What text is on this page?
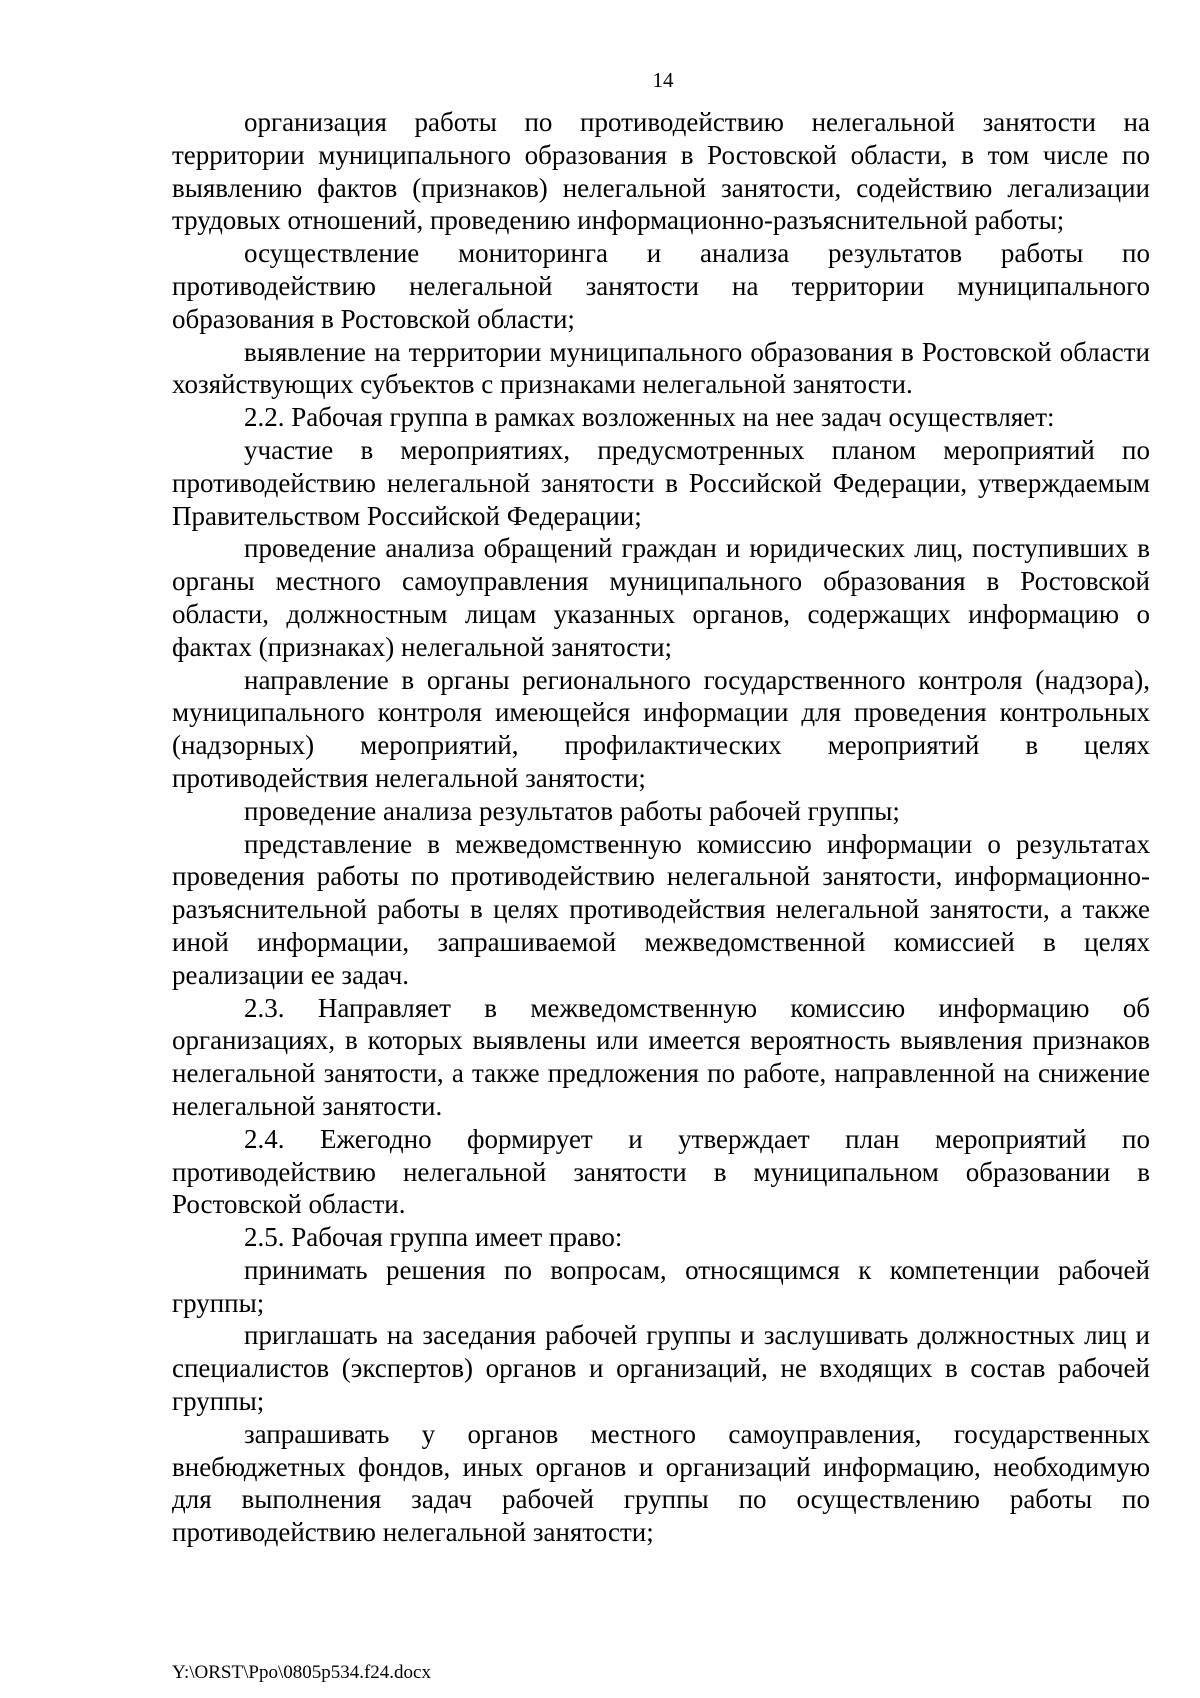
14

организация работы по противодействию нелегальной занятости на территории муниципального образования в Ростовской области, в том числе по выявлению фактов (признаков) нелегальной занятости, содействию легализации трудовых отношений, проведению информационно-разъяснительной работы;

осуществление мониторинга и анализа результатов работы по противодействию нелегальной занятости на территории муниципального образования в Ростовской области;

выявление на территории муниципального образования в Ростовской области хозяйствующих субъектов с признаками нелегальной занятости.

2.2. Рабочая группа в рамках возложенных на нее задач осуществляет:

участие в мероприятиях, предусмотренных планом мероприятий по противодействию нелегальной занятости в Российской Федерации, утверждаемым Правительством Российской Федерации;

проведение анализа обращений граждан и юридических лиц, поступивших в органы местного самоуправления муниципального образования в Ростовской области, должностным лицам указанных органов, содержащих информацию о фактах (признаках) нелегальной занятости;

направление в органы регионального государственного контроля (надзора), муниципального контроля имеющейся информации для проведения контрольных (надзорных) мероприятий, профилактических мероприятий в целях противодействия нелегальной занятости;

проведение анализа результатов работы рабочей группы;

представление в межведомственную комиссию информации о результатах проведения работы по противодействию нелегальной занятости, информационно-разъяснительной работы в целях противодействия нелегальной занятости, а также иной информации, запрашиваемой межведомственной комиссией в целях реализации ее задач.

2.3. Направляет в межведомственную комиссию информацию об организациях, в которых выявлены или имеется вероятность выявления признаков нелегальной занятости, а также предложения по работе, направленной на снижение нелегальной занятости.

2.4. Ежегодно формирует и утверждает план мероприятий по противодействию нелегальной занятости в муниципальном образовании в Ростовской области.

2.5. Рабочая группа имеет право:

принимать решения по вопросам, относящимся к компетенции рабочей группы;

приглашать на заседания рабочей группы и заслушивать должностных лиц и специалистов (экспертов) органов и организаций, не входящих в состав рабочей группы;

запрашивать у органов местного самоуправления, государственных внебюджетных фондов, иных органов и организаций информацию, необходимую для выполнения задач рабочей группы по осуществлению работы по противодействию нелегальной занятости;

Y:\ORST\Ppo\0805p534.f24.docx
